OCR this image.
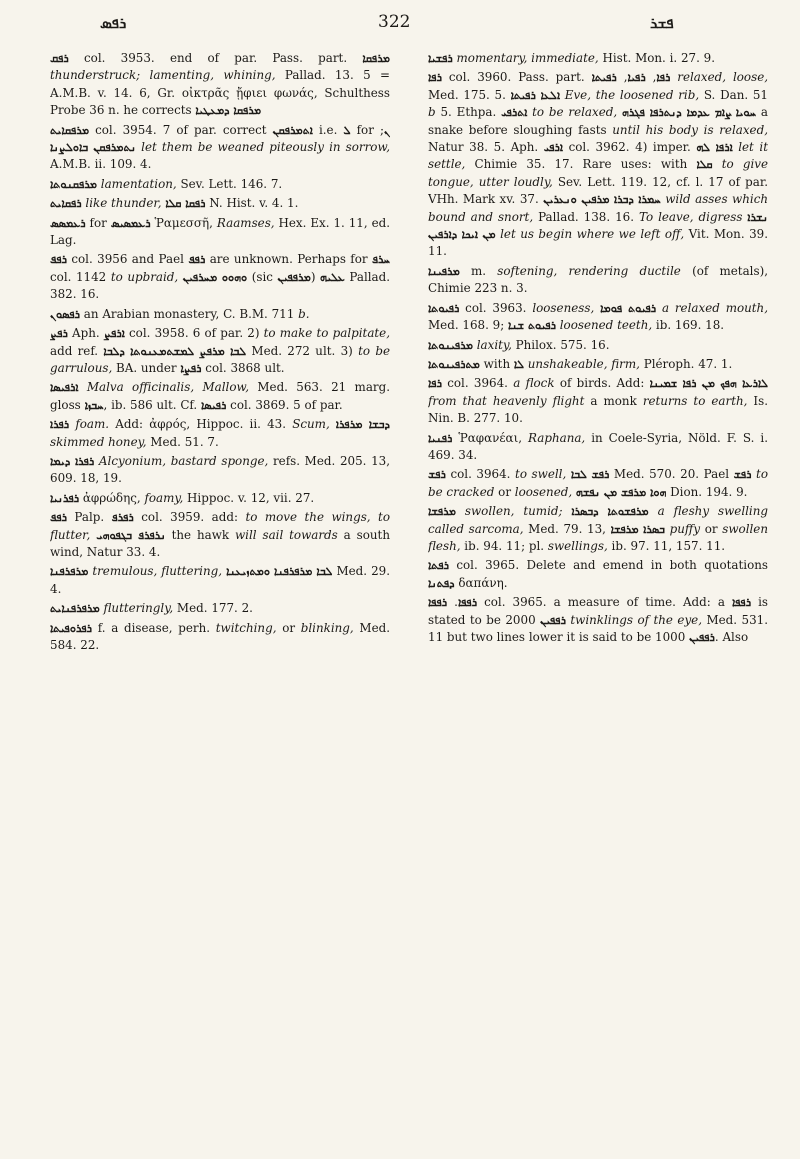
ܪܦܣ	322	ܦܫܪ

ܪܦܩ col. 3953. end of par. Pass. part. ܡܪܦܩܐ thunderstruck; lamenting, whining, Pallad. 13. 5 = A.M.B. v. 14. 6, Gr. οἰκτρᾶς ᾔφιει φωνάς, Schulthess Probe 36 n. he corrects ܡܪܦܩܐ ܕܡܥܛܝܐ

ܡܪܦܩܐܝܬ col. 3954. 7 of par. correct ܐܬܡܪܦܩܢ i.e. ܠ for ܢ; ܢܬܡܪܦܩܢ ܒܐܘܠܨܢܐ let them be weaned piteously in sorrow, A.M.B. ii. 109. 4.

ܡܪܦܩܢܘܬܐ lamentation, Sev. Lett. 146. 7.

ܪܦܩܐܝܬ like thunder, ܪܦܩܐ ܩܠܐ N. Hist. v. 4. 1.

ܪܥܡܣܣ for ܪܥܡܣܝܣ Ῥαμεσσῆ, Raamses, Hex. Ex. 1. 11, ed. Lag.

ܪܦܦ col. 3956 and Pael ܪܦܦ are unknown. Perhaps for ܚܪܦ col. 1142 to upbraid, ܘܗܘܘ ܡܚܪܦܝܢ (sic ܡܪܦܦܝܢ) ܥܠܝܗ Pallad. 382. 16.

ܪܦܣܘܢ an Arabian monastery, C. B.M. 711 b.

ܪܦܨ Aph. ܐܪܦܨ col. 3958. 6 of par. 2) to make to palpitate, add ref. ܠܒܐ ܡܪܦܨ ܠܡܫܬܡܥܢܘܬܐ ܕܠܒܐ Med. 272 ult. 3) to be garrulous, BA. under ܪܦܨܐ col. 3868 ult.

ܐܪܦܝܣܐ Malva officinalis, Mallow, Med. 563. 21 marg. gloss ܚܒܙܐ, ib. 586 ult. Cf. ܪܦܝܣܐ col. 3869. 5 of par.

ܪܦܪܐ foam. Add: ἀφρός, Hippoc. ii. 43. Scum, ܕܒܫܐ ܡܪܦܪܐ skimmed honey, Med. 51. 7.

ܪܦܪܐ ܕܝܡܐ Alcyonium, bastard sponge, refs. Med. 205. 13, 609. 18, 19.

ܪܦܪܢܝܐ ἀφρώδης, foamy, Hippoc. v. 12, vii. 27.

ܪܦܦ Palp. ܪܦܪܦ col. 3959. add: to move the wings, to flutter, ܢܪܦܪܦ ܒܓܦܘܗܝ the hawk will sail towards a south wind, Natur 33. 4.

ܡܪܦܪܦܢܐ tremulous, fluttering, ܠܒܐ ܡܪܦܪܦܢܐ ܘܡܬܙܝܥܢܐ Med. 29. 4.

ܡܪܦܪܦܢܐܝܬ flutteringly, Med. 177. 2.

ܪܦܪܘܦܝܬܐ f. a disease, perh. twitching, or blinking, Med. 584. 22.

ܪܦܫܝܐ momentary, immediate, Hist. Mon. i. 27. 9.

ܪܦܐ col. 3960. Pass. part.	ܪܦܐ, ܪܦܝܐ, ܪܦܝܬܐ	relaxed, loose, Med. 175. 5. ܐܠܥܐ ܪܦܝܬܐ Eve, the loosened rib, S. Dan. 51 b 5. Ethpa. ܐܬܪܦܝ to be relaxed, ܚܘܝܐ ܨܐܡ ܥܕܡܐ ܕܢܬܪܦܐ ܦܓܪܗ a snake before sloughing fasts until his body is relaxed, Natur 38. 5. Aph. ܐܪܦܝ col. 3962. 4) imper. ܐܪܦܐ ܠܗ let it settle, Chimie 35. 17. Rare uses: with ܩܠܐ to give tongue, utter loudly, Sev. Lett. 119. 12, cf. l. 17 of par. VHh. Mark xv. 37. ܚܡܪܐ ܕܒܪܐ ܡܪܦܝܢ ܘܢܥܪܝܢ wild asses which bound and snort, Pallad. 138. 16. To leave, digress ܢܫܪܐ ܡܢ ܐܝܟܐ ܕܐܪܦܝܢ let us begin where we left off, Vit. Mon. 39. 11.

ܡܪܦܝܢܐ m. softening, rendering ductile (of metals), Chimie 223 n. 3.

ܪܦܝܘܬܐ col. 3963. looseness, ܪܦܝܘܬ ܦܘܡܐ a relaxed mouth, Med. 168. 9; ܪܦܝܘܬ ܫܢܐ loosened teeth, ib. 169. 18.

ܡܪܦܝܢܘܬܐ laxity, Philox. 575. 16.

ܡܬܪܦܝܢܘܬܐ with ܠܐ unshakeable, firm, Pléroph. 47. 1.

ܪܦܐ col. 3964. a flock of birds. Add: ܠܐܪܥܐ ܗܦܟ ܡܢ ܪܦܐ ܫܡܝܢܐ from that heavenly flight a monk returns to earth, Is. Nin. B. 277. 10.

ܪܦܢܝܐ Ῥαφανέαι, Raphana, in Coele-Syria, Nöld. F. S. i. 469. 34.

ܪܦܫ col. 3964. to swell, ܪܦܫ ܠܒܐ Med. 570. 20. Pael ܪܦܫ to be cracked or loosened, ܗܘܐ ܡܪܦܫ ܡܢ ܢܦܫܗ Dion. 194. 9.

ܡܪܦܫܐ swollen, tumid; ܡܪܦܫܘܬܐ ܕܒܣܪܐ a fleshy swelling called sarcoma, Med. 79. 13, ܒܣܪܐ ܡܪܦܫܐ puffy or swollen flesh, ib. 94. 11; pl. swellings, ib. 97. 11, 157. 11.

ܪܦܬܐ col. 3965. Delete and emend in both quotations ܕܦܬܢܐ δαπάνη.

ܪܦܦܐ. ܪܦܦܐ	col. 3965. a measure of time. Add: a ܪܦܦܐ is stated to be 2000 ܪܦܦܝܢ twinklings of the eye, Med. 531. 11 but two lines lower it is said to be 1000 ܪܦܦܝܢ. Also
